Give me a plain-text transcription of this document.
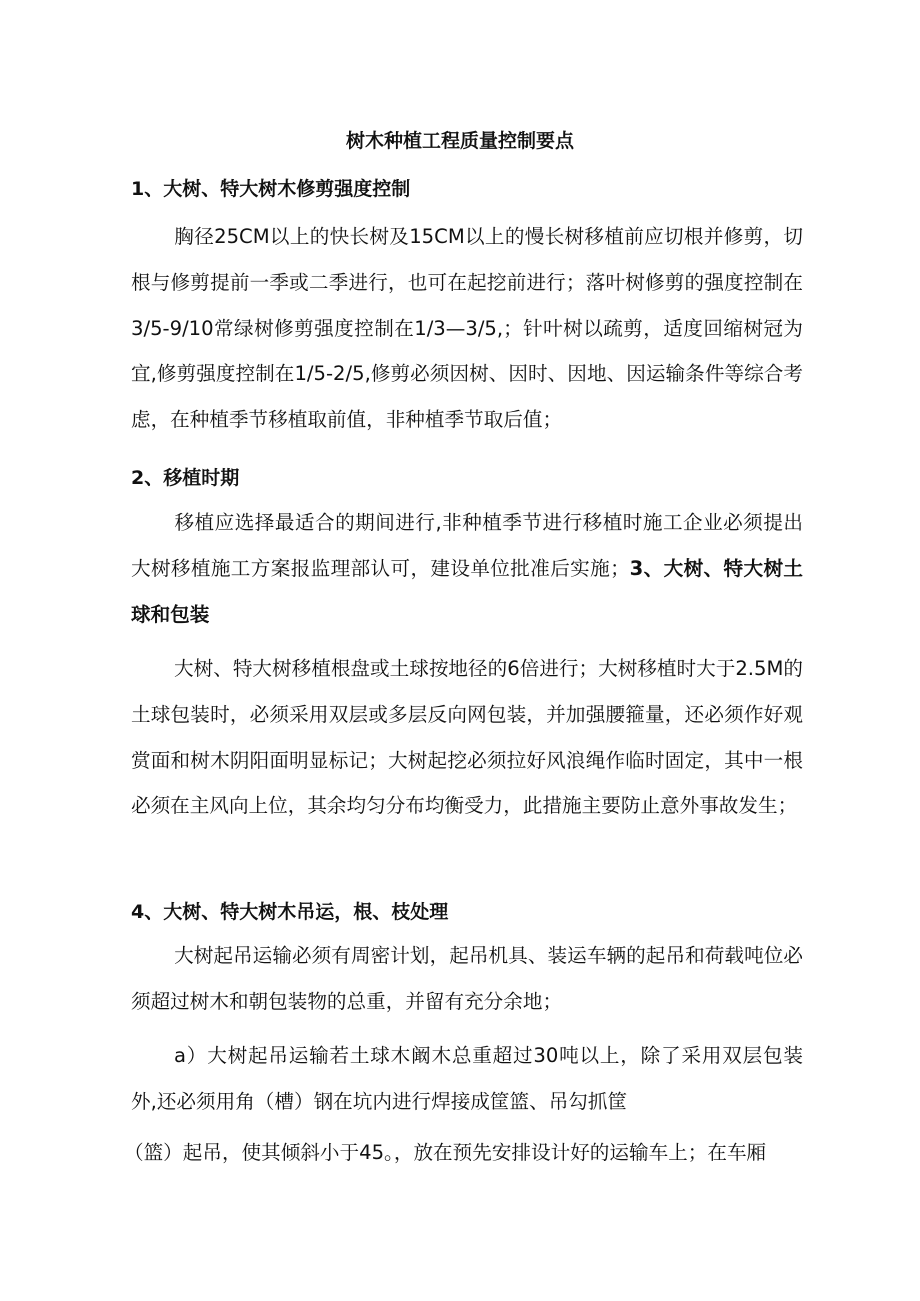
树木种植工程质量控制要点
1、大树、特大树木修剪强度控制

胸径25CM以上的快长树及15CM以上的慢长树移植前应切根并修剪，切根与修剪提前一季或二季进行，也可在起挖前进行；落叶树修剪的强度控制在3/5-9/10常绿树修剪强度控制在1/3—3/5,；针叶树以疏剪，适度回缩树冠为宜,修剪强度控制在1/5-2/5,修剪必须因树、因时、因地、因运输条件等综合考虑，在种植季节移植取前值，非种植季节取后值；

2、移植时期

移植应选择最适合的期间进行,非种植季节进行移植时施工企业必须提出大树移植施工方案报监理部认可，建设单位批准后实施；3、大树、特大树土球和包装

大树、特大树移植根盘或土球按地径的6倍进行；大树移植时大于2.5M的土球包装时，必须采用双层或多层反向网包装，并加强腰箍量，还必须作好观赏面和树木阴阳面明显标记；大树起挖必须拉好风浪绳作临时固定，其中一根必须在主风向上位，其余均匀分布均衡受力，此措施主要防止意外事故发生；

4、大树、特大树木吊运，根、枝处理

大树起吊运输必须有周密计划，起吊机具、装运车辆的起吊和荷载吨位必须超过树木和朝包装物的总重，并留有充分余地；

a）大树起吊运输若土球木阚木总重超过30吨以上，除了采用双层包装外,还必须用角（槽）钢在坑内进行焊接成筐篮、吊勾抓筐

（篮）起吊，使其倾斜小于45。，放在预先安排设计好的运输车上；在车厢
